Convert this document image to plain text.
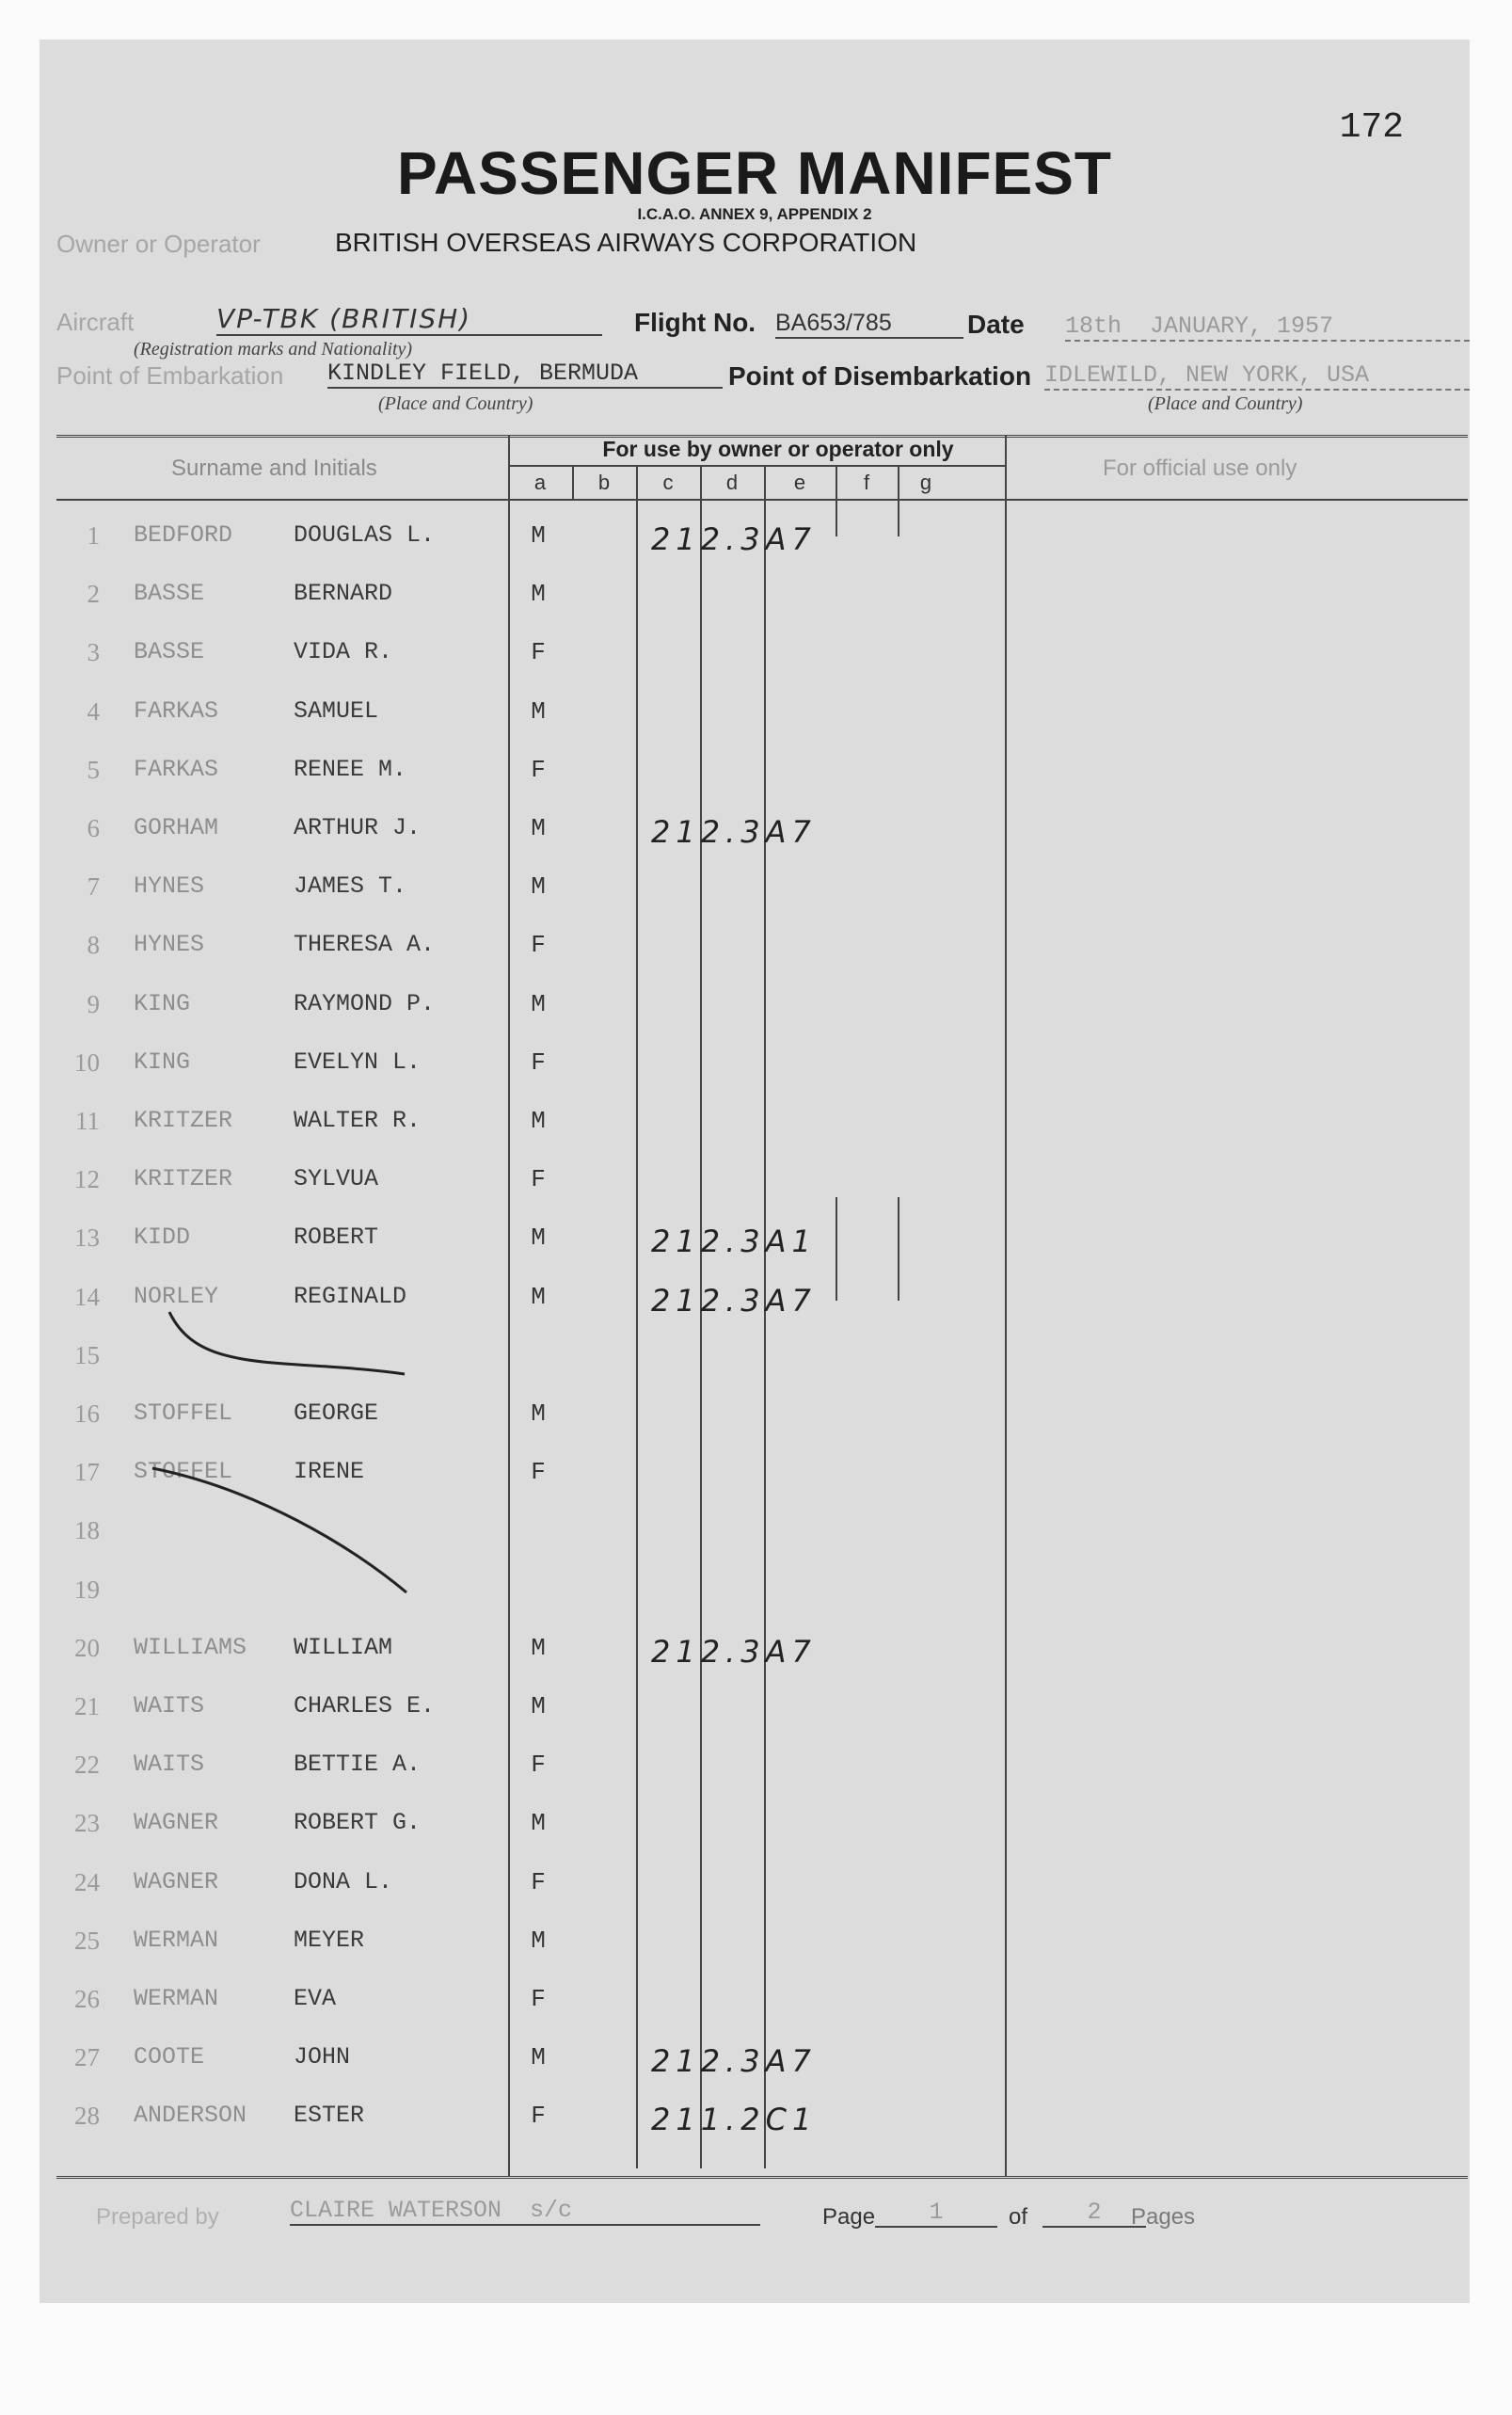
172
PASSENGER MANIFEST
I.C.A.O. ANNEX 9, APPENDIX 2
Owner or Operator	BRITISH OVERSEAS AIRWAYS CORPORATION
Aircraft	VP-TBK (BRITISH)
(Registration marks and Nationality)
Flight No. BA653/785	Date 18th  JANUARY, 1957
Point of Embarkation KINDLEY FIELD, BERMUDA
(Place and Country)
Point of Disembarkation IDLEWILD, NEW YORK, USA
(Place and Country)
Surname and Initials
For use by owner or operator only
For official use only
a	b	c	d	e	f	g
1 BEDFORD	DOUGLAS L.	M	212.3A7
2 BASSE	BERNARD	M
3 BASSE	VIDA R.	F
4 FARKAS	SAMUEL	M
5 FARKAS	RENEE M.	F
6 GORHAM	ARTHUR J.	M	212.3A7
7 HYNES	JAMES T.	M
8 HYNES	THERESA A.	F
9 KING	RAYMOND P.	M
10 KING	EVELYN L.	F
11 KRITZER	WALTER R.	M
12 KRITZER	SYLVUA	F
13 KIDD	ROBERT	M	212.3A1
14 NORLEY	REGINALD	M	212.3A7
15
16 STOFFEL	GEORGE	M
17 STOFFEL	IRENE	F
18
19
20 WILLIAMS WILLIAM	M	212.3A7
21 WAITS	CHARLES E.	M
22 WAITS	BETTIE A.	F
23 WAGNER	ROBERT G.	M
24 WAGNER	DONA L.	F
25 WERMAN	MEYER	M
26 WERMAN	EVA	F
27 COOTE	JOHN	M	212.3A7
28 ANDERSON ESTER	F	211.2C1
Prepared by	CLAIRE WATERSON  s/c	Page	1	of	2	Pages
